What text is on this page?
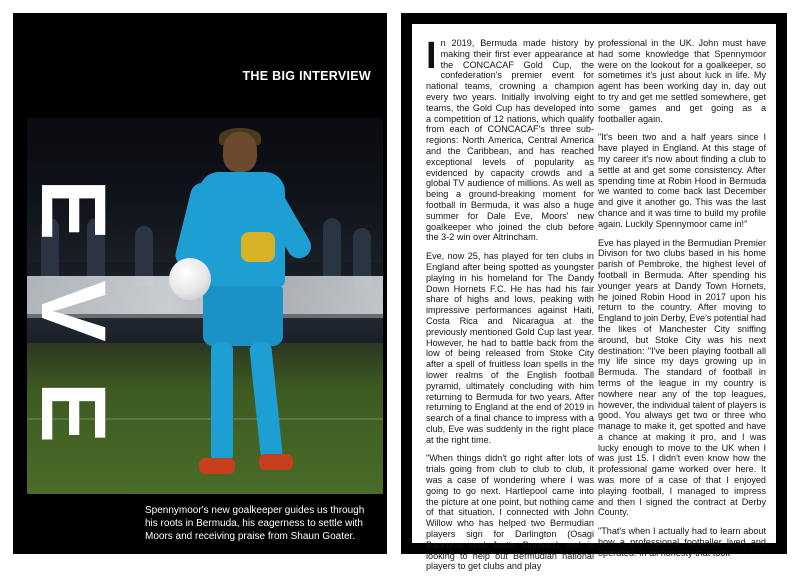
THE BIG INTERVIEW
EVE
Spennymoor's new goalkeeper guides us through his roots in Bermuda, his eagerness to settle with Moors and receiving praise from Shaun Goater.

In 2019, Bermuda made history by making their first ever appearance at the CONCACAF Gold Cup, the confederation's premier event for national teams, crowning a champion every two years. Initially involving eight teams, the Gold Cup has developed into a competition of 12 nations, which qualify from each of CONCACAF's three sub-regions: North America, Central America and the Caribbean, and has reached exceptional levels of popularity as evidenced by capacity crowds and a global TV audience of millions. As well as being a ground-breaking moment for football in Bermuda, it was also a huge summer for Dale Eve, Moors' new goalkeeper who joined the club before the 3-2 win over Altrincham.

Eve, now 25, has played for ten clubs in England after being spotted as youngster playing in his homeland for The Dandy Down Hornets F.C. He has had his fair share of highs and lows, peaking with impressive performances against Haiti, Costa Rica and Nicaragua at the previously mentioned Gold Cup last year. However, he had to battle back from the low of being released from Stoke City after a spell of fruitless loan spells in the lower realms of the English football pyramid, ultimately concluding with him returning to Bermuda for two years. After returning to England at the end of 2019 in search of a final chance to impress with a club, Eve was suddenly in the right place at the right time.

"When things didn't go right after lots of trials going from club to club to club, it was a case of wondering where I was going to go next. Hartlepool came into the picture at one point, but nothing came of that situation. I connected with John Willow who has helped two Bermudian players sign for Darlington (Osagi Bascome and Justin Donawa) and is looking to help out Bermudian national players to get clubs and play

professional in the UK. John must have had some knowledge that Spennymoor were on the lookout for a goalkeeper, so sometimes it's just about luck in life. My agent has been working day in, day out to try and get me settled somewhere, get some games and get going as a footballer again.

"It's been two and a half years since I have played in England. At this stage of my career it's now about finding a club to settle at and get some consistency. After spending time at Robin Hood in Bermuda we wanted to come back last December and give it another go. This was the last chance and it was time to build my profile again. Luckily Spennymoor came in!"

Eve has played in the Bermudian Premier Divison for two clubs based in his home parish of Pembroke, the highest level of football in Bermuda. After spending his younger years at Dandy Town Hornets, he joined Robin Hood in 2017 upon his return to the country. After moving to England to join Derby, Eve's potential had the likes of Manchester City sniffing around, but Stoke City was his next destination: "I've been playing football all my life since my days growing up in Bermuda. The standard of football in terms of the league in my country is nowhere near any of the top leagues, however, the individual talent of players is good. You always get two or three who manage to make it, get spotted and have a chance at making it pro, and I was lucky enough to move to the UK when I was just 15. I didn't even know how the professional game worked over here. It was more of a case of that I enjoyed playing football, I managed to impress and then I signed the contract at Derby County.

"That's when I actually had to learn about how a professional footballer lived and operated. In all honesty that took
